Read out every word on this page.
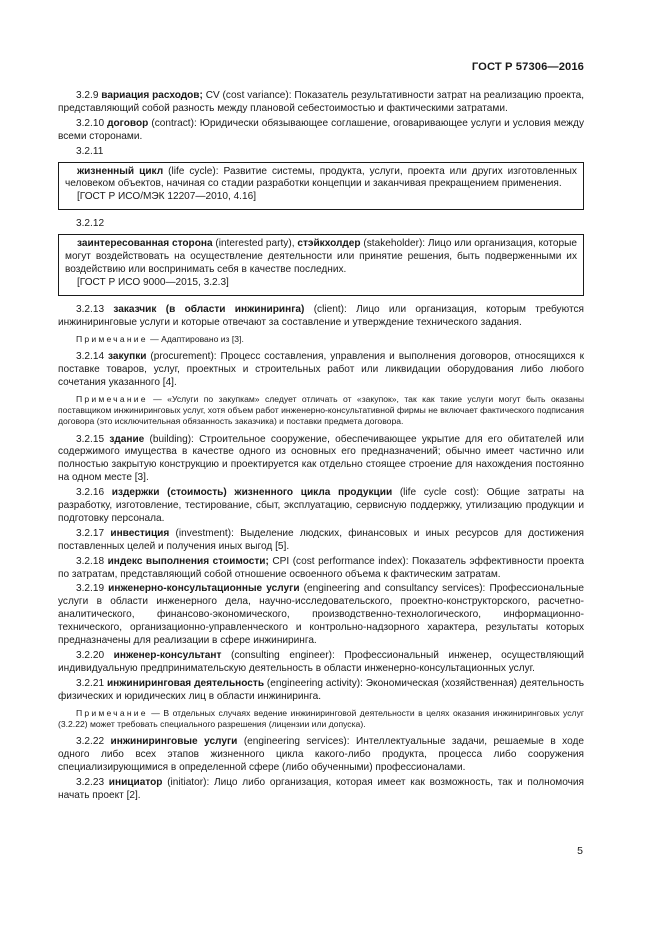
ГОСТ Р 57306—2016

3.2.9 вариация расходов; CV (cost variance): Показатель результативности затрат на реализацию проекта, представляющий собой разность между плановой себестоимостью и фактическими затратами.

3.2.10 договор (contract): Юридически обязывающее соглашение, оговаривающее услуги и условия между всеми сторонами.

3.2.11

жизненный цикл (life cycle): Развитие системы, продукта, услуги, проекта или других изготовленных человеком объектов, начиная со стадии разработки концепции и заканчивая прекращением применения.

[ГОСТ Р ИСО/МЭК 12207—2010, 4.16]

3.2.12

заинтересованная сторона (interested party), стэйкхолдер (stakeholder): Лицо или организация, которые могут воздействовать на осуществление деятельности или принятие решения, быть подверженными их воздействию или воспринимать себя в качестве последних.

[ГОСТ Р ИСО 9000—2015, 3.2.3]

3.2.13 заказчик (в области инжиниринга) (client): Лицо или организация, которым требуются инжиниринговые услуги и которые отвечают за составление и утверждение технического задания.

Примечание — Адаптировано из [3].

3.2.14 закупки (procurement): Процесс составления, управления и выполнения договоров, относящихся к поставке товаров, услуг, проектных и строительных работ или ликвидации оборудования либо любого сочетания указанного [4].

Примечание — «Услуги по закупкам» следует отличать от «закупок», так как такие услуги могут быть оказаны поставщиком инжиниринговых услуг, хотя объем работ инженерно-консультативной фирмы не включает фактического подписания договора (это исключительная обязанность заказчика) и поставки предмета договора.

3.2.15 здание (building): Строительное сооружение, обеспечивающее укрытие для его обитателей или содержимого имущества в качестве одного из основных его предназначений; обычно имеет частично или полностью закрытую конструкцию и проектируется как отдельно стоящее строение для нахождения постоянно на одном месте [3].

3.2.16 издержки (стоимость) жизненного цикла продукции (life cycle cost): Общие затраты на разработку, изготовление, тестирование, сбыт, эксплуатацию, сервисную поддержку, утилизацию продукции и подготовку персонала.

3.2.17 инвестиция (investment): Выделение людских, финансовых и иных ресурсов для достижения поставленных целей и получения иных выгод [5].

3.2.18 индекс выполнения стоимости; CPI (cost performance index): Показатель эффективности проекта по затратам, представляющий собой отношение освоенного объема к фактическим затратам.

3.2.19 инженерно-консультационные услуги (engineering and consultancy services): Профессиональные услуги в области инженерного дела, научно-исследовательского, проектно-конструкторского, расчетно-аналитического, финансово-экономического, производственно-технологического, информационно-технического, организационно-управленческого и контрольно-надзорного характера, результаты которых предназначены для реализации в сфере инжиниринга.

3.2.20 инженер-консультант (consulting engineer): Профессиональный инженер, осуществляющий индивидуальную предпринимательскую деятельность в области инженерно-консультационных услуг.

3.2.21 инжиниринговая деятельность (engineering activity): Экономическая (хозяйственная) деятельность физических и юридических лиц в области инжиниринга.

Примечание — В отдельных случаях ведение инжиниринговой деятельности в целях оказания инжиниринговых услуг (3.2.22) может требовать специального разрешения (лицензии или допуска).

3.2.22 инжиниринговые услуги (engineering services): Интеллектуальные задачи, решаемые в ходе одного либо всех этапов жизненного цикла какого-либо продукта, процесса либо сооружения специализирующимися в определенной сфере (либо обученными) профессионалами.

3.2.23 инициатор (initiator): Лицо либо организация, которая имеет как возможность, так и полномочия начать проект [2].

5
